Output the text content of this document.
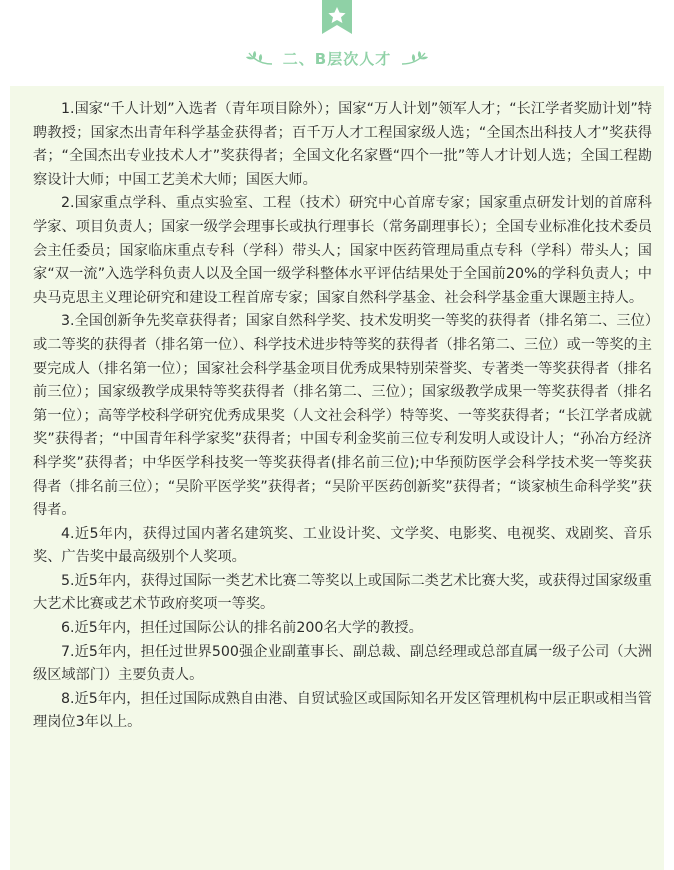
二、B层次人才

1.国家“千人计划”入选者（青年项目除外）；国家“万人计划”领军人才；“长江学者奖励计划”特聘教授；国家杰出青年科学基金获得者；百千万人才工程国家级人选；“全国杰出科技人才”奖获得者；“全国杰出专业技术人才”奖获得者；全国文化名家暨“四个一批”等人才计划人选；全国工程勘察设计大师；中国工艺美术大师；国医大师。

2.国家重点学科、重点实验室、工程（技术）研究中心首席专家；国家重点研发计划的首席科学家、项目负责人；国家一级学会理事长或执行理事长（常务副理事长）；全国专业标准化技术委员会主任委员；国家临床重点专科（学科）带头人；国家中医药管理局重点专科（学科）带头人；国家“双一流”入选学科负责人以及全国一级学科整体水平评估结果处于全国前20%的学科负责人；中央马克思主义理论研究和建设工程首席专家；国家自然科学基金、社会科学基金重大课题主持人。

3.全国创新争先奖章获得者；国家自然科学奖、技术发明奖一等奖的获得者（排名第二、三位）或二等奖的获得者（排名第一位）、科学技术进步特等奖的获得者（排名第二、三位）或一等奖的主要完成人（排名第一位）；国家社会科学基金项目优秀成果特别荣誉奖、专著类一等奖获得者（排名前三位）；国家级教学成果特等奖获得者（排名第二、三位）；国家级教学成果一等奖获得者（排名第一位）；高等学校科学研究优秀成果奖（人文社会科学）特等奖、一等奖获得者；“长江学者成就奖”获得者；“中国青年科学家奖”获得者；中国专利金奖前三位专利发明人或设计人；“孙冶方经济科学奖”获得者；中华医学科技奖一等奖获得者(排名前三位);中华预防医学会科学技术奖一等奖获得者（排名前三位）；“吴阶平医学奖”获得者；“吴阶平医药创新奖”获得者；“谈家桢生命科学奖”获得者。

4.近5年内，获得过国内著名建筑奖、工业设计奖、文学奖、电影奖、电视奖、戏剧奖、音乐奖、广告奖中最高级别个人奖项。

5.近5年内，获得过国际一类艺术比赛二等奖以上或国际二类艺术比赛大奖，或获得过国家级重大艺术比赛或艺术节政府奖项一等奖。

6.近5年内，担任过国际公认的排名前200名大学的教授。

7.近5年内，担任过世界500强企业副董事长、副总裁、副总经理或总部直属一级子公司（大洲级区域部门）主要负责人。

8.近5年内，担任过国际成熟自由港、自贸试验区或国际知名开发区管理机构中层正职或相当管理岗位3年以上。
